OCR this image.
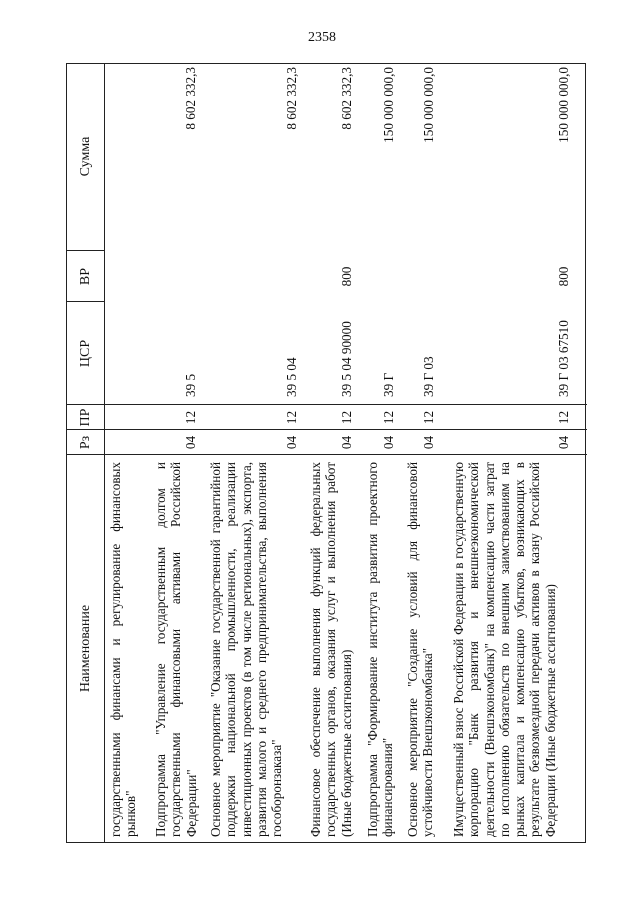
2358
Наименование
Рз
ПР
ЦСР
ВР
Сумма
государственными финансами и регулирование финансовых рынков" Подпрограмма "Управление государственным долгом и государственными финансовыми активами Российской Федерации"
04
12
39 5
8 602 332,3
Основное мероприятие "Оказание государственной гарантийной поддержки национальной промышленности, реализации инвестиционных проектов (в том числе региональных), экспорта, развития малого и среднего предпринимательства, выполнения гособоронзаказа"
04
12
39 5 04
8 602 332,3
Финансовое обеспечение выполнения функций федеральных государственных органов, оказания услуг и выполнения работ (Иные бюджетные ассигнования)
04
12
39 5 04 90000
800
8 602 332,3
Подпрограмма "Формирование института развития проектного финансирования"
04
12
39 Г
150 000 000,0
Основное мероприятие "Создание условий для финансовой устойчивости Внешэкономбанка"
04
12
39 Г 03
150 000 000,0
Имущественный взнос Российской Федерации в государственную корпорацию "Банк развития и внешнеэкономической деятельности (Внешэкономбанк)" на компенсацию части затрат по исполнению обязательств по внешним заимствованиям на рынках капитала и компенсацию убытков, возникающих в результате безвозмездной передачи активов в казну Российской Федерации (Иные бюджетные ассигнования)
04
12
39 Г 03 67510
800
150 000 000,0
